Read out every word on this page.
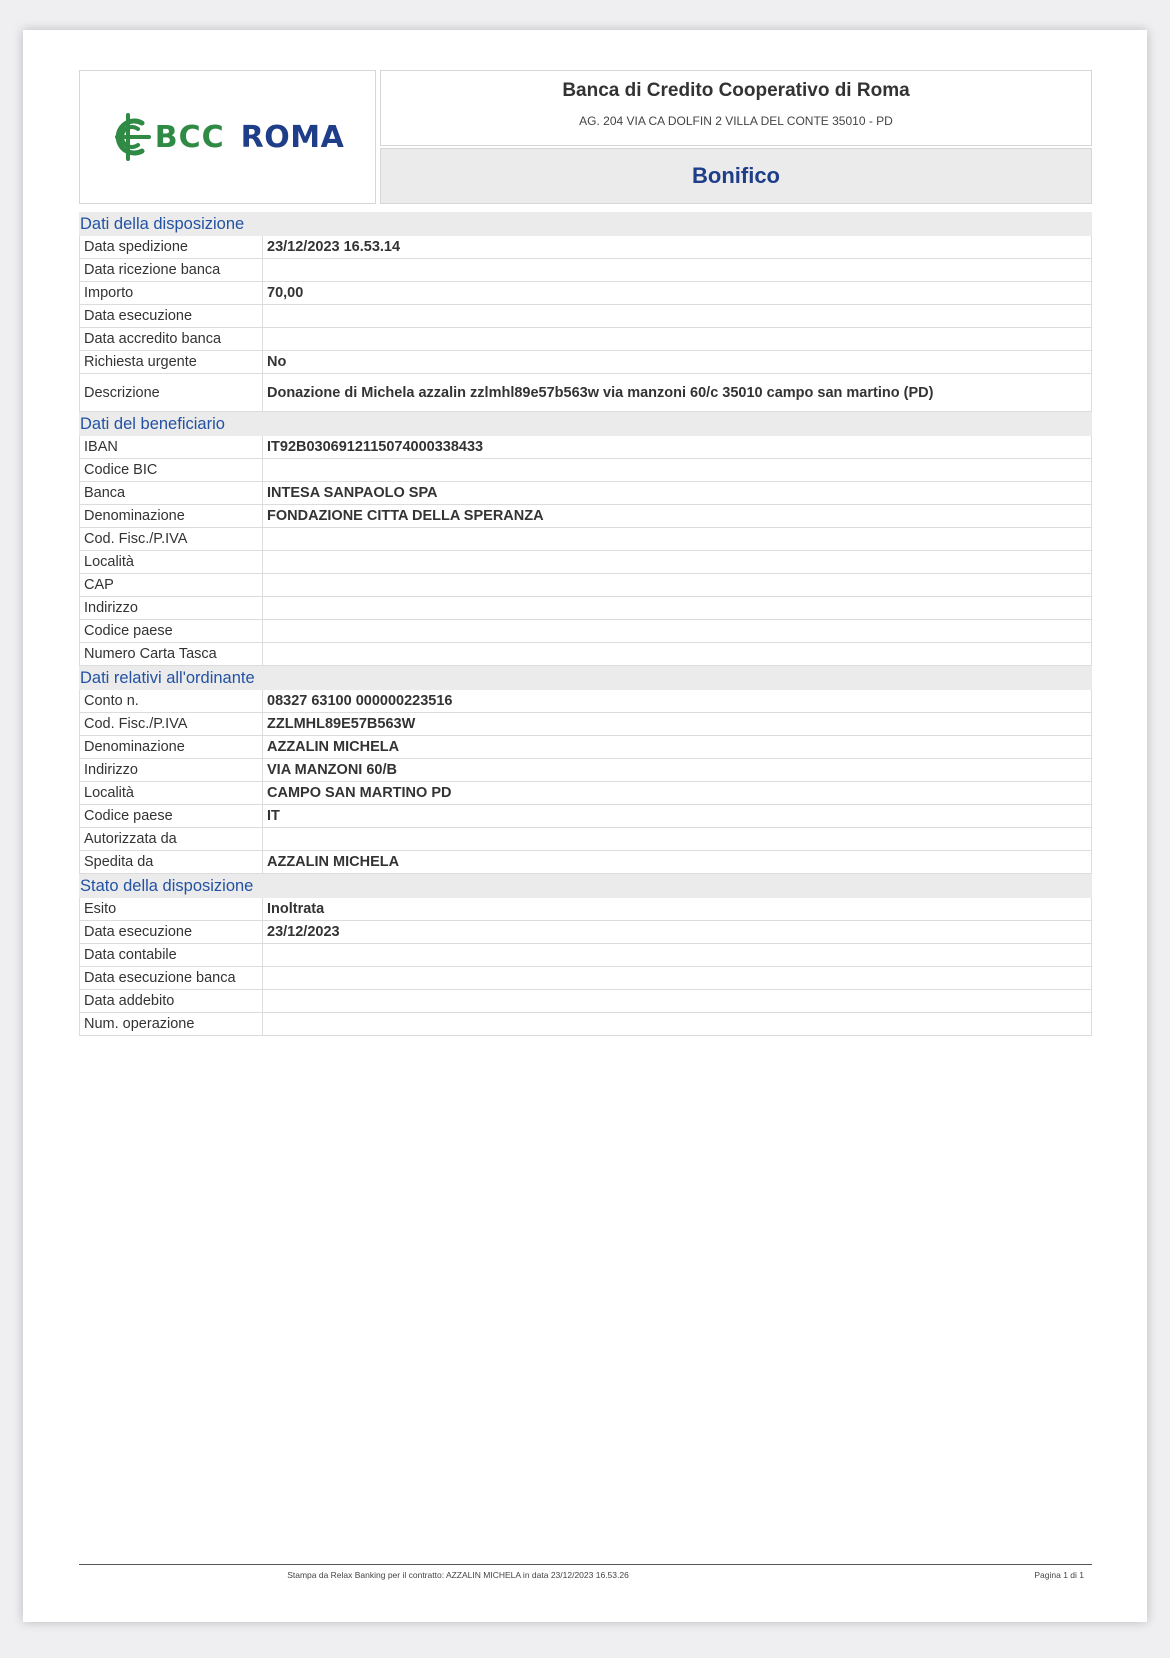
BCC ROMA
Banca di Credito Cooperativo di Roma
AG. 204 VIA CA DOLFIN 2 VILLA DEL CONTE 35010 - PD
Bonifico
Dati della disposizione
Data spedizione	23/12/2023 16.53.14
Data ricezione banca
Importo	70,00
Data esecuzione
Data accredito banca
Richiesta urgente	No
Descrizione	Donazione di Michela azzalin zzlmhl89e57b563w via manzoni 60/c 35010 campo san martino (PD)
Dati del beneficiario
IBAN	IT92B0306912115074000338433
Codice BIC
Banca	INTESA SANPAOLO SPA
Denominazione	FONDAZIONE CITTA DELLA SPERANZA
Cod. Fisc./P.IVA
Località
CAP
Indirizzo
Codice paese
Numero Carta Tasca
Dati relativi all'ordinante
Conto n.	08327 63100 000000223516
Cod. Fisc./P.IVA	ZZLMHL89E57B563W
Denominazione	AZZALIN MICHELA
Indirizzo	VIA MANZONI 60/B
Località	CAMPO SAN MARTINO PD
Codice paese	IT
Autorizzata da
Spedita da	AZZALIN MICHELA
Stato della disposizione
Esito	Inoltrata
Data esecuzione	23/12/2023
Data contabile
Data esecuzione banca
Data addebito
Num. operazione
Stampa da Relax Banking per il contratto: AZZALIN MICHELA in data 23/12/2023 16.53.26	Pagina 1 di 1
